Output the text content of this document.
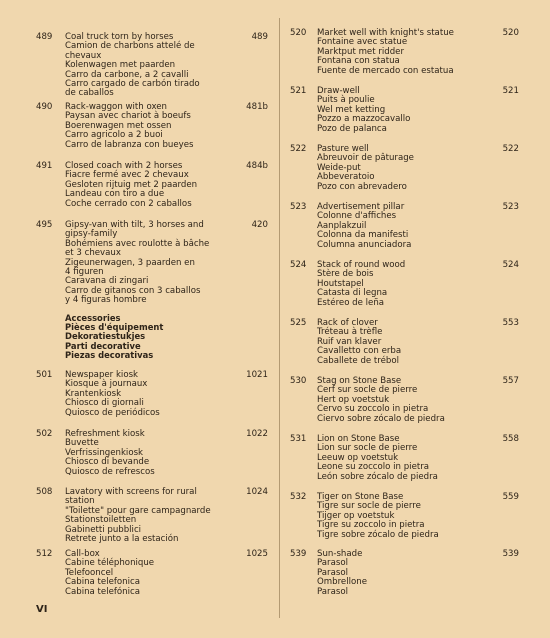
489	Coal truck torn by horses
Camion de charbons attelé de
chevaux
Kolenwagen met paarden
Carro da carbone, a 2 cavalli
Carro cargado de carbón tirado
de caballos
489
490	Rack-waggon with oxen
Paysan avec chariot à boeufs
Boerenwagen met ossen
Carro agricolo a 2 buoi
Carro de labranza con bueyes
481b
491	Closed coach with 2 horses
Fiacre fermé avec 2 chevaux
Gesloten rijtuig met 2 paarden
Landeau con tiro a due
Coche cerrado con 2 caballos
484b
495	Gipsy-van with tilt, 3 horses and
gipsy-family
Bohémiens avec roulotte à bâche
et 3 chevaux
Zigeunerwagen, 3 paarden en
4 figuren
Caravana di zingari
Carro de gitanos con 3 caballos
y 4 figuras hombre
420
501	Newspaper kiosk
Kiosque à journaux
Krantenkiosk
Chiosco di giornali
Quiosco de periódicos
1021
502	Refreshment kiosk
Buvette
Verfrissingenkiosk
Chiosco di bevande
Quiosco de refrescos
1022
508	Lavatory with screens for rural
station
"Toilette" pour gare campagnarde
Stationstoiletten
Gabinetti pubblici
Retrete junto a la estación
1024
512	Call-box
Cabine téléphonique
Telefooncel
Cabina telefonica
Cabina telefónica
1025
Accessories
Pièces d'équipement
Dekoratiestukjes
Parti decorative
Piezas decorativas
520	Market well with knight's statue
Fontaine avec statue
Marktput met ridder
Fontana con statua
Fuente de mercado con estatua
520
521	Draw-well
Puits à poulie
Wel met ketting
Pozzo a mazzocavallo
Pozo de palanca
521
522	Pasture well
Abreuvoir de pâturage
Weide-put
Abbeveratoio
Pozo con abrevadero
522
523	Advertisement pillar
Colonne d'affiches
Aanplakzuil
Colonna da manifesti
Columna anunciadora
523
524	Stack of round wood
Stère de bois
Houtstapel
Catasta di legna
Estéreo de leña
524
525	Rack of clover
Tréteau à trèfle
Ruif van klaver
Cavalletto con erba
Caballete de trébol
553
530	Stag on Stone Base
Cerf sur socle de pierre
Hert op voetstuk
Cervo su zoccolo in pietra
Ciervo sobre zócalo de piedra
557
531	Lion on Stone Base
Lion sur socle de pierre
Leeuw op voetstuk
Leone su zoccolo in pietra
León sobre zócalo de piedra
558
532	Tiger on Stone Base
Tigre sur socle de pierre
Tijger op voetstuk
Tigre su zoccolo in pietra
Tigre sobre zócalo de piedra
559
539	Sun-shade
Parasol
Parasol
Ombrellone
Parasol
539
VI
